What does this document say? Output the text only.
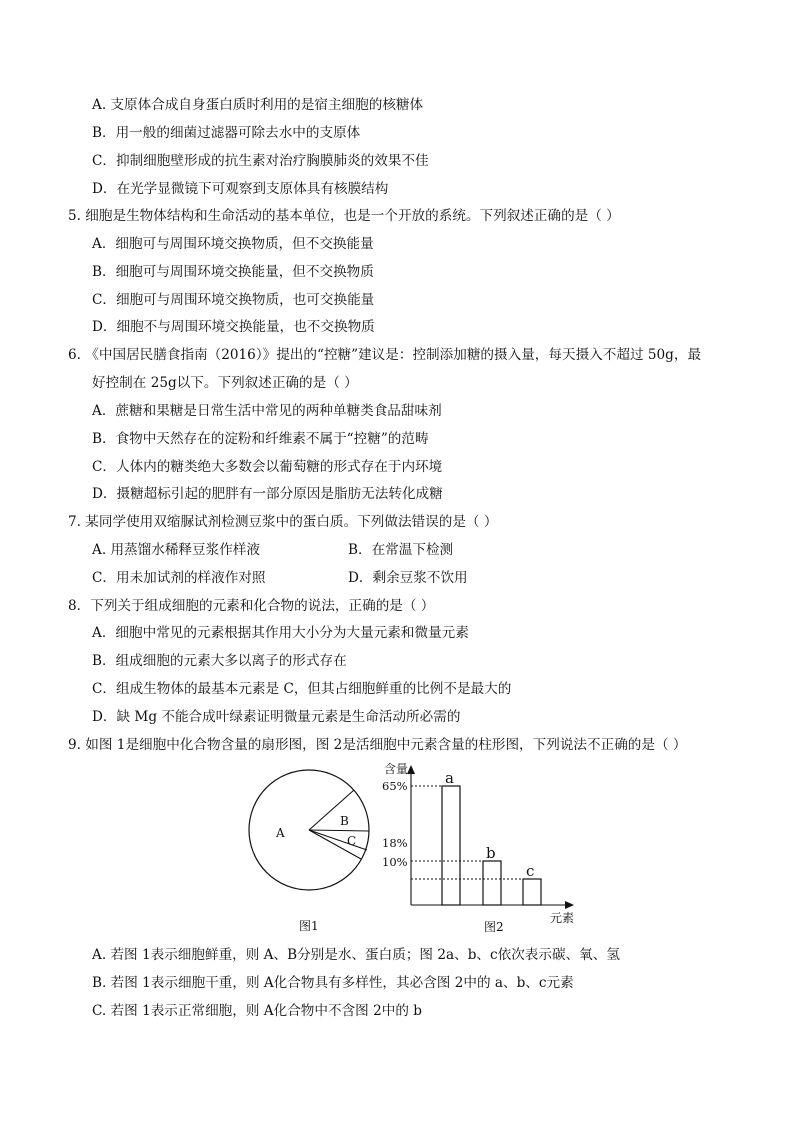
A. 支原体合成自身蛋白质时利用的是宿主细胞的核糖体
B．用一般的细菌过滤器可除去水中的支原体
C．抑制细胞壁形成的抗生素对治疗胸膜肺炎的效果不佳
D．在光学显微镜下可观察到支原体具有核膜结构
5. 细胞是生物体结构和生命活动的基本单位，也是一个开放的系统。下列叙述正确的是（ ）
A．细胞可与周围环境交换物质，但不交换能量
B．细胞可与周围环境交换能量，但不交换物质
C．细胞可与周围环境交换物质，也可交换能量
D．细胞不与周围环境交换能量，也不交换物质
6. 《中国居民膳食指南（2016）》提出的“控糖”建议是：控制添加糖的摄入量，每天摄入不超过 50g，最
好控制在 25g以下。下列叙述正确的是（ ）
A．蔗糖和果糖是日常生活中常见的两种单糖类食品甜味剂
B．食物中天然存在的淀粉和纤维素不属于“控糖”的范畴
C．人体内的糖类绝大多数会以葡萄糖的形式存在于内环境
D．摄糖超标引起的肥胖有一部分原因是脂肪无法转化成糖
7. 某同学使用双缩脲试剂检测豆浆中的蛋白质。下列做法错误的是（ ）
A. 用蒸馏水稀释豆浆作样液	B．在常温下检测
C．用未加试剂的样液作对照	D．剩余豆浆不饮用
8．下列关于组成细胞的元素和化合物的说法，正确的是（ ）
A．细胞中常见的元素根据其作用大小分为大量元素和微量元素
B．组成细胞的元素大多以离子的形式存在
C．组成生物体的最基本元素是 C，但其占细胞鲜重的比例不是最大的
D．缺 Mg 不能合成叶绿素证明微量元素是生命活动所必需的
9. 如图 1是细胞中化合物含量的扇形图，图 2是活细胞中元素含量的柱形图，下列说法不正确的是（ ）
A
B
C
图1
含量
元素
65%
18%
10%
a
b
c
图2
A. 若图 1表示细胞鲜重，则 A、B分别是水、蛋白质；图 2a、b、c依次表示碳、氧、氢
B. 若图 1表示细胞干重，则 A化合物具有多样性，其必含图 2中的 a、b、c元素
C. 若图 1表示正常细胞，则 A化合物中不含图 2中的 b
